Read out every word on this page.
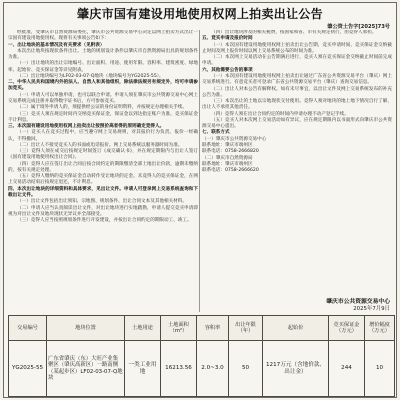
肇庆市国有建设用地使用权网上拍卖出让公告
肇公资土告字[2025]73号

经批准，受肇庆市自然资源局委托，肇庆市公共资源交易中心决定以网上拍卖方式出让一宗国有建设用地使用权。现将有关事项公告如下：

一、出让地块的基本情况及有关要求（见附表）

本次出让地块按现状条件出让。土地的规划设计条件以肇庆市自然资源局出具的规划条件为准。

（一）出让地块的出让宗地编号、出让面积、用途、使用年限、容积率、建筑密度、绿地率、起始价、竞买保证金等详见附表。

（二）出让地块编号为LF02-03-07-Q地块（地块编号为YG2025-55）。

二、中华人民共和国境内外的法人、自然人和其他组织，除法律法规另有规定外，均可申请参加竞买。

（一）申请人可以单独申请，也可以联合申请。申请人须在肇庆市公共资源交易中心网上交易系统完成注册并取得数字证书后，方可参加竞买。

（二）属于境外申请人的，须提供经公证的身份证明资料，并按规定办理相关手续。

（三）竞买人须在规定时间内交纳竞买保证金，保证金以到达指定账户为准。竞买保证金不计利息。

三、本次国有建设用地使用权网上拍卖出让按照价高者得的原则确定竞得人。

（一）竞买人在竞买过程中，应当遵守网上交易规则，对其报价行为负责。报价一经确认，不得撤回。

（二）出让人不接受竞买人的书面或电话报价。网上交易系统以服务器时间为准。

（三）竞得人须在成交后按规定时间签订《成交确认书》，并在规定期限内与出让人签订《国有建设用地使用权出让合同》。

（四）竞得人应在签订出让合同后按合同约定的期限缴清全部土地出让价款，逾期未缴纳的，按有关规定处理。

（五）竞得人缴纳的竞买保证金自动转作受让地块的定金。未竞得人的竞买保证金，在网上交易活动结束后按规定退还，不计利息。

四、本次出让地块的详细资料和具体要求，见出让文件。申请人可登录网上交易系统查询和下载出让文件。

（一）出让文件包括出让须知、宗地图、规划条件、出让合同文本及其他相关材料。

（二）申请人应当认真阅读出让文件，对出让地块进行实地踏勘，申请人提交竞买申请即视为对出让文件及地块现状无异议并全部接受。

（三）竞得人应当按照规划条件进行开发建设，并按出让合同约定的期限动工、竣工。

（四）出让地块涉及的相关税费，按国家和省、市有关规定执行，由竞得人承担。

五、竞买申请及报价时间

（一）本次国有建设用地使用权网上拍卖出让公告期、竞买申请时间、竞买保证金交纳截止时间及网上报价时间以网上交易系统公布的时间为准。

（二）本次网上交易活动在公告期满后进行，竞买人须在竞买保证金交纳截止时间前完成申请。

六、其他需要公告的事项

（一）本次国有建设用地使用权网上拍卖出让通过广东省公共资源交易平台（肇庆）网上交易系统进行。有意竞买者可登录广东省公共资源交易平台（肇庆）查询交易信息。

（二）出让人对本公告有解释权。如有未尽事宜，以出让文件及网上交易系统发布的补充公告为准。

（三）本次出让的土地以宗地现状交付使用。竞得人须对地块的地上地下情况自行了解，出让人不承担其他责任。

（四）竞得人须在出让合同约定的时间内申请办理不动产登记手续。

（五）竞买人对本次网上交易活动如有异议，应在规定期限内以书面形式向肇庆市公共资源交易中心提出。

七、联系方式

（一）肇庆市公共资源交易中心

联系地址：肇庆市端州区

联系电话：0758-2666820

（二）肇庆市自然资源局

联系地址：肇庆市端州区

联系电话：0758-2666620

肇庆市公共资源交易中心
2025年7月9日
交易编号	地块位置	土地用途	土地面积（m²）	容积率	出让年限（年）	起始价	竞买保证金（万元）	增价幅度（万元）
YG2025-55	广东省肇庆（东）大旺产业集聚区（肇庆高新区）一路南侧（某起步区）LF02-03-07-Q地块	一类工业用地	16213.56	2.0~3.0	50	1217万元（含地价款、出让金）	244	10
